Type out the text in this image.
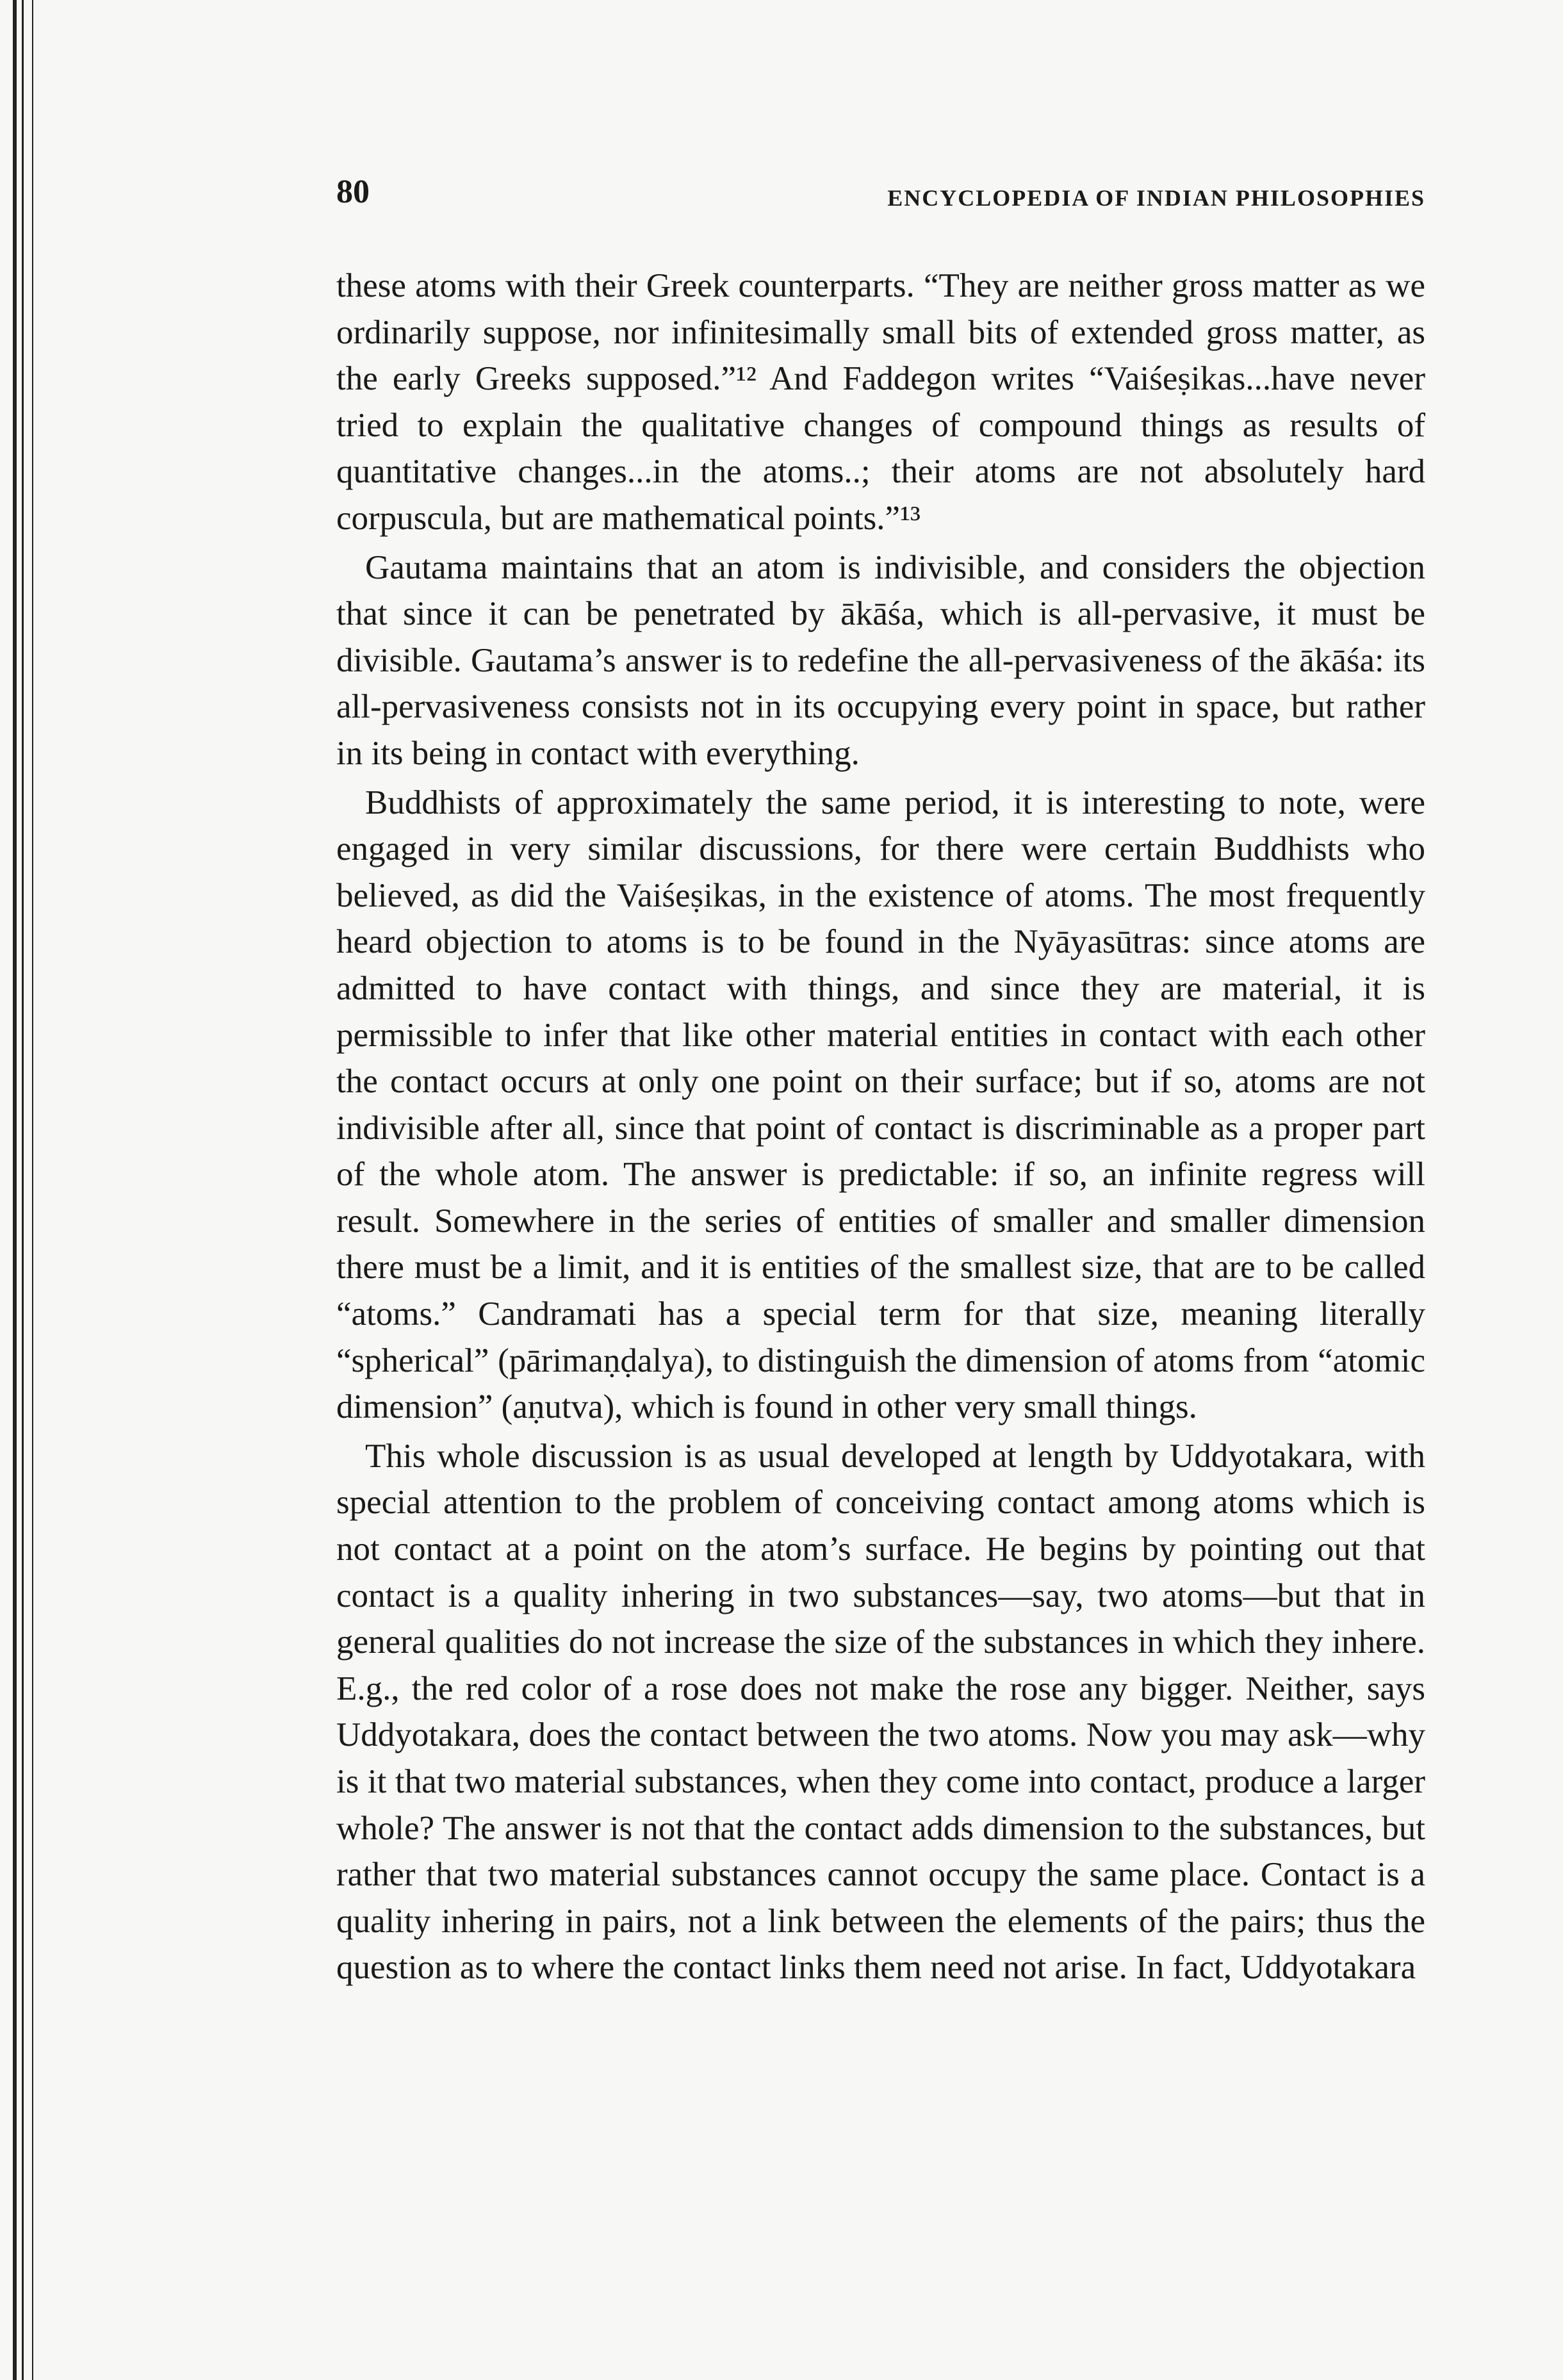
80	ENCYCLOPEDIA OF INDIAN PHILOSOPHIES

these atoms with their Greek counterparts. “They are neither gross matter as we ordinarily suppose, nor infinitesimally small bits of extended gross matter, as the early Greeks supposed.”¹² And Faddegon writes “Vaiśeṣikas...have never tried to explain the qualitative changes of compound things as results of quantitative changes...in the atoms..; their atoms are not absolutely hard corpuscula, but are mathematical points.”¹³

Gautama maintains that an atom is indivisible, and considers the objection that since it can be penetrated by ākāśa, which is all-pervasive, it must be divisible. Gautama’s answer is to redefine the all-pervasiveness of the ākāśa: its all-pervasiveness consists not in its occupying every point in space, but rather in its being in contact with everything.

Buddhists of approximately the same period, it is interesting to note, were engaged in very similar discussions, for there were certain Buddhists who believed, as did the Vaiśeṣikas, in the existence of atoms. The most frequently heard objection to atoms is to be found in the Nyāyasūtras: since atoms are admitted to have contact with things, and since they are material, it is permissible to infer that like other material entities in contact with each other the contact occurs at only one point on their surface; but if so, atoms are not indivisible after all, since that point of contact is discriminable as a proper part of the whole atom. The answer is predictable: if so, an infinite regress will result. Somewhere in the series of entities of smaller and smaller dimension there must be a limit, and it is entities of the smallest size, that are to be called “atoms.” Candramati has a special term for that size, meaning literally “spherical” (pārimaṇḍalya), to distinguish the dimension of atoms from “atomic dimension” (aṇutva), which is found in other very small things.

This whole discussion is as usual developed at length by Uddyotakara, with special attention to the problem of conceiving contact among atoms which is not contact at a point on the atom’s surface. He begins by pointing out that contact is a quality inhering in two substances—say, two atoms—but that in general qualities do not increase the size of the substances in which they inhere. E.g., the red color of a rose does not make the rose any bigger. Neither, says Uddyotakara, does the contact between the two atoms. Now you may ask—why is it that two material substances, when they come into contact, produce a larger whole? The answer is not that the contact adds dimension to the substances, but rather that two material substances cannot occupy the same place. Contact is a quality inhering in pairs, not a link between the elements of the pairs; thus the question as to where the contact links them need not arise. In fact, Uddyotakara
